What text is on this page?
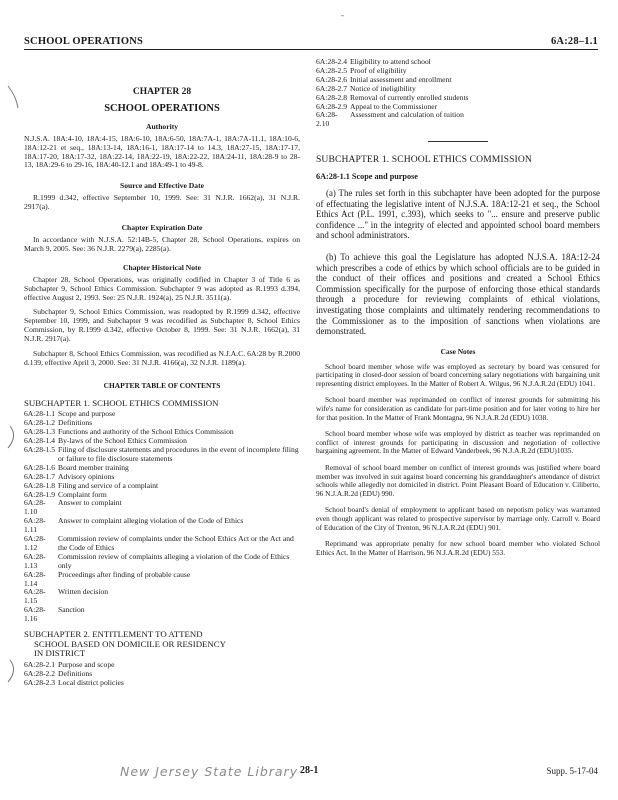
-
SCHOOL OPERATIONS	6A:28–1.1
CHAPTER 28
SCHOOL OPERATIONS
Authority

N.J.S.A. 18A:4-10, 18A:4-15, 18A:6-10, 18A:6-50, 18A:7A-1, 18A:7A-11.1, 18A:10-6, 18A:12-21 et seq., 18A:13-14, 18A:16-1, 18A:17-14 to 14.3, 18A:27-15, 18A:17-17, 18A:17-20, 18A:17-32, 18A:22-14, 18A:22-19, 18A:22-22, 18A:24-11, 18A:28-9 to 28-13, 18A:29-6 to 29-16, 18A:40-12.1 and 18A:49-1 to 49-8.

Source and Effective Date

R.1999 d.342, effective September 10, 1999. See: 31 N.J.R. 1662(a), 31 N.J.R. 2917(a).

Chapter Expiration Date

In accordance with N.J.S.A. 52:14B-5, Chapter 28, School Operations, expires on March 9, 2005. See: 36 N.J.R. 2279(a), 2285(a).

Chapter Historical Note

Chapter 28, School Operations, was originally codified in Chapter 3 of Title 6 as Subchapter 9, School Ethics Commission. Subchapter 9 was adopted as R.1993 d.394, effective August 2, 1993. See: 25 N.J.R. 1924(a), 25 N.J.R. 3511(a).

Subchapter 9, School Ethics Commission, was readopted by R.1999 d.342, effective September 10, 1999, and Subchapter 9 was recodified as Subchapter 8, School Ethics Commission, by R.1999 d.342, effective October 8, 1999. See: 31 N.J.R. 1662(a), 31 N.J.R. 2917(a).

Subchapter 8, School Ethics Commission, was recodified as N.J.A.C. 6A:28 by R.2000 d.139, effective April 3, 2000. See: 31 N.J.R. 4166(a), 32 N.J.R. 1189(a).

CHAPTER TABLE OF CONTENTS
SUBCHAPTER 1. SCHOOL ETHICS COMMISSION
6A:28-1.1 Scope and purpose
6A:28-1.2 Definitions
6A:28-1.3 Functions and authority of the School Ethics Commission
6A:28-1.4 By-laws of the School Ethics Commission
6A:28-1.5 Filing of disclosure statements and procedures in the event of incomplete filing or failure to file disclosure statements
6A:28-1.6 Board member training
6A:28-1.7 Advisory opinions
6A:28-1.8 Filing and service of a complaint
6A:28-1.9 Complaint form
6A:28-1.10
Answer to complaint
6A:28-1.11
Answer to complaint alleging violation of the Code of Ethics
6A:28-1.12
Commission review of complaints under the School Ethics Act or the Act and the Code of Ethics
6A:28-1.13
Commission review of complaints alleging a violation of the Code of Ethics only
6A:28-1.14
Proceedings after finding of probable cause
6A:28-1.15
Written decision
6A:28-1.16
Sanction
SUBCHAPTER 2. ENTITLEMENT TO ATTEND
SCHOOL BASED ON DOMICILE OR RESIDENCY
IN DISTRICT
6A:28-2.1 Purpose and scope
6A:28-2.2 Definitions
6A:28-2.3 Local district policies
6A:28-2.4 Eligibility to attend school
6A:28-2.5 Proof of eligibility
6A:28-2.6 Initial assessment and enrollment
6A:28-2.7 Notice of ineligibility
6A:28-2.8 Removal of currently enrolled students
6A:28-2.9 Appeal to the Commissioner
6A:28-2.10
Assessment and calculation of tuition
SUBCHAPTER 1. SCHOOL ETHICS COMMISSION
6A:28-1.1 Scope and purpose

(a) The rules set forth in this subchapter have been adopted for the purpose of effectuating the legislative intent of N.J.S.A. 18A:12-21 et seq., the School Ethics Act (P.L. 1991, c.393), which seeks to "... ensure and preserve public confidence ..." in the integrity of elected and appointed school board members and school administrators.

(b) To achieve this goal the Legislature has adopted N.J.S.A. 18A:12-24 which prescribes a code of ethics by which school officials are to be guided in the conduct of their offices and positions and created a School Ethics Commission specifically for the purpose of enforcing those ethical standards through a procedure for reviewing complaints of ethical violations, investigating those complaints and ultimately rendering recommendations to the Commissioner as to the imposition of sanctions when violations are demonstrated.

Case Notes

School board member whose wife was employed as secretary by board was censured for participating in closed-door session of board concerning salary negotiations with bargaining unit representing district employees. In the Matter of Robert A. Wilgus, 96 N.J.A.R.2d (EDU) 1041.

School board member was reprimanded on conflict of interest grounds for submitting his wife's name for consideration as candidate for part-time position and for later voting to hire her for that position. In the Matter of Frank Montagna, 96 N.J.A.R.2d (EDU) 1038.

School board member whose wife was employed by district as teacher was reprimanded on conflict of interest grounds for participating in discussion and negotiation of collective bargaining agreement. In the Matter of Edward Vanderbeek, 96 N.J.A.R.2d (EDU)1035.

Removal of school board member on conflict of interest grounds was justified where board member was involved in suit against board concerning his granddaughter's attendance of district schools while allegedly not domiciled in district. Point Pleasant Board of Education v. Ciliberto, 96 N.J.A.R.2d (EDU) 990.

School board's denial of employment to applicant based on nepotism policy was warranted even though applicant was related to prospective supervisor by marriage only. Carroll v. Board of Education of the City of Trenton, 96 N.J.A.R.2d (EDU) 901.

Reprimand was appropriate penalty for new school board member who violated School Ethics Act. In the Matter of Harrison, 96 N.J.A.R.2d (EDU) 553.

New Jersey State Library 28-1	Supp. 5-17-04
